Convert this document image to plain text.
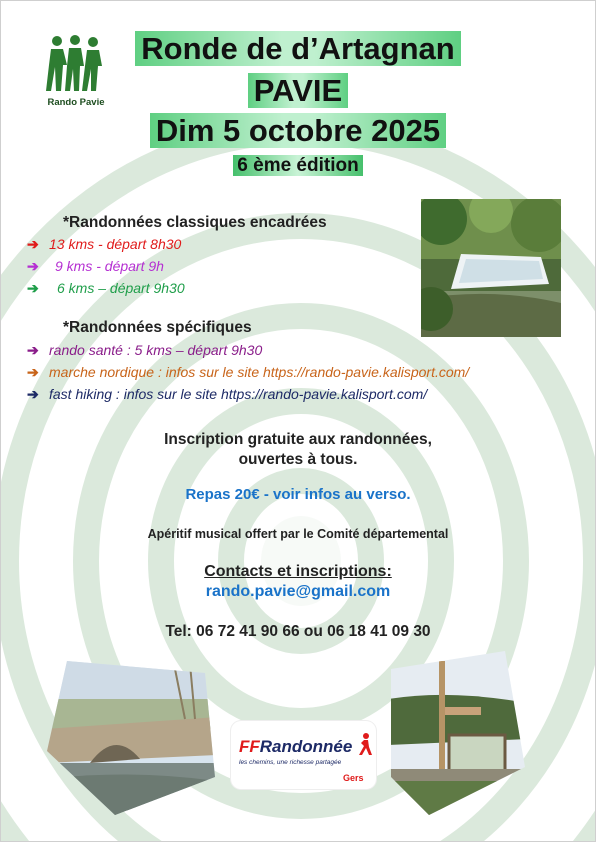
Rando Pavie
Ronde de d’Artagnan
PAVIE
Dim 5 octobre 2025
6 ème édition
*Randonnées classiques encadrées
➔ 13 kms - départ 8h30
➔ 9 kms - départ 9h
➔ 6 kms – départ 9h30
*Randonnées spécifiques
➔ rando santé : 5 kms – départ 9h30
➔ marche nordique : infos sur le site https://rando-pavie.kalisport.com/
➔ fast hiking : infos sur le site https://rando-pavie.kalisport.com/
Inscription gratuite aux randonnées,
ouvertes à tous.
Repas 20€ - voir infos au verso.
Apéritif musical offert par le Comité départemental
Contacts et inscriptions:
rando.pavie@gmail.com
Tel: 06 72 41 90 66 ou 06 18 41 09 30
FFRandonnée
les chemins, une richesse partagée
Gers
